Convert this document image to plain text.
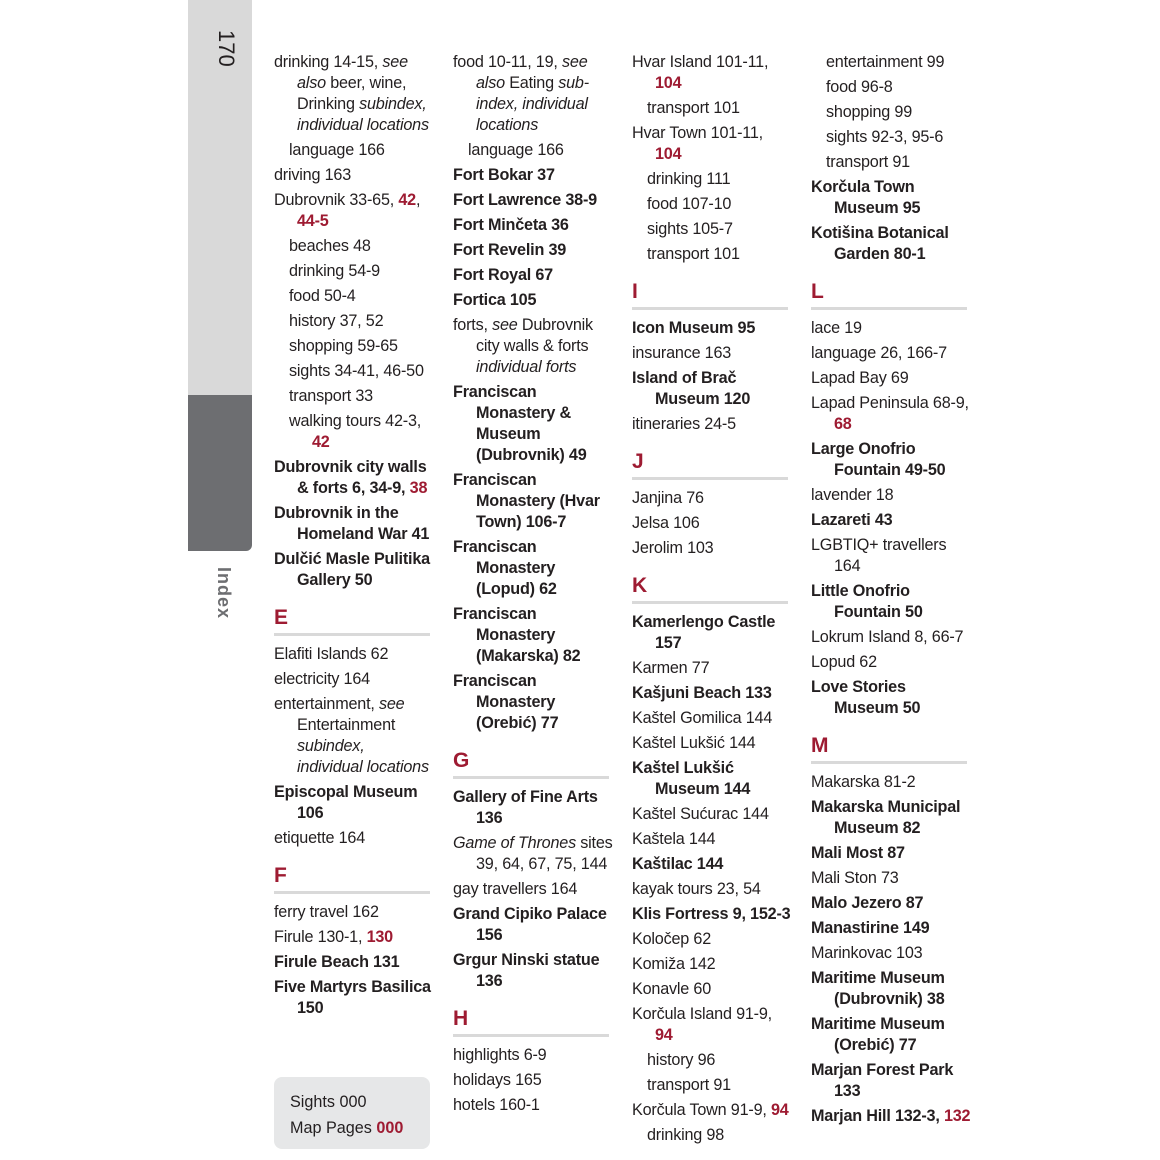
170
Index
drinking 14-15, see also beer, wine, Drinking subindex, individual locations
language 166
driving 163
Dubrovnik 33-65, 42, 44-5
beaches 48
drinking 54-9
food 50-4
history 37, 52
shopping 59-65
sights 34-41, 46-50
transport 33
walking tours 42-3, 42
Dubrovnik city walls & forts 6, 34-9, 38
Dubrovnik in the Homeland War 41
Dulčić Masle Pulitika Gallery 50
E
Elafiti Islands 62
electricity 164
entertainment, see Entertainment subindex, individual locations
Episcopal Museum 106
etiquette 164
F
ferry travel 162
Firule 130-1, 130
Firule Beach 131
Five Martyrs Basilica 150
food 10-11, 19, see also Eating sub-index, individual locations
language 166
Fort Bokar 37
Fort Lawrence 38-9
Fort Minčeta 36
Fort Revelin 39
Fort Royal 67
Fortica 105
forts, see Dubrovnik city walls & forts individual forts
Franciscan Monastery & Museum (Dubrovnik) 49
Franciscan Monastery (Hvar Town) 106-7
Franciscan Monastery (Lopud) 62
Franciscan Monastery (Makarska) 82
Franciscan Monastery (Orebić) 77
G
Gallery of Fine Arts 136
Game of Thrones sites 39, 64, 67, 75, 144
gay travellers 164
Grand Cipiko Palace 156
Grgur Ninski statue 136
H
highlights 6-9
holidays 165
hotels 160-1
Hvar Island 101-11, 104
transport 101
Hvar Town 101-11, 104
drinking 111
food 107-10
sights 105-7
transport 101
I
Icon Museum 95
insurance 163
Island of Brač Museum 120
itineraries 24-5
J
Janjina 76
Jelsa 106
Jerolim 103
K
Kamerlengo Castle 157
Karmen 77
Kašjuni Beach 133
Kaštel Gomilica 144
Kaštel Lukšić 144
Kaštel Lukšić Museum 144
Kaštel Sućurac 144
Kaštela 144
Kaštilac 144
kayak tours 23, 54
Klis Fortress 9, 152-3
Koločep 62
Komiža 142
Konavle 60
Korčula Island 91-9, 94
history 96
transport 91
Korčula Town 91-9, 94
drinking 98
entertainment 99
food 96-8
shopping 99
sights 92-3, 95-6
transport 91
Korčula Town Museum 95
Kotišina Botanical Garden 80-1
L
lace 19
language 26, 166-7
Lapad Bay 69
Lapad Peninsula 68-9, 68
Large Onofrio Fountain 49-50
lavender 18
Lazareti 43
LGBTIQ+ travellers 164
Little Onofrio Fountain 50
Lokrum Island 8, 66-7
Lopud 62
Love Stories Museum 50
M
Makarska 81-2
Makarska Municipal Museum 82
Mali Most 87
Mali Ston 73
Malo Jezero 87
Manastirine 149
Marinkovac 103
Maritime Museum (Dubrovnik) 38
Maritime Museum (Orebić) 77
Marjan Forest Park 133
Marjan Hill 132-3, 132
Sights 000
Map Pages 000
